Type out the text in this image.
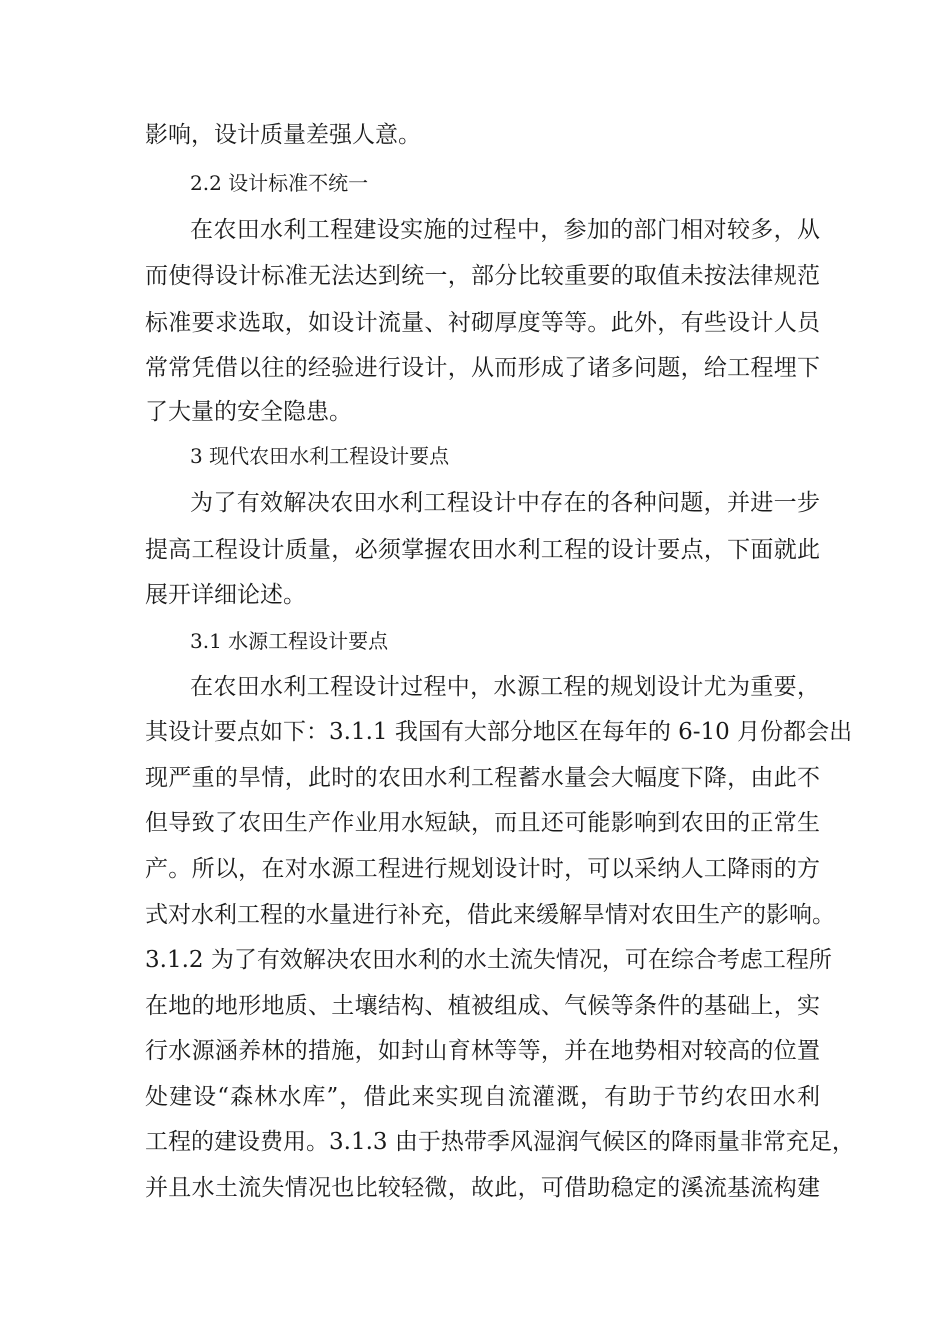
影响，设计质量差强人意。
2.2 设计标准不统一
在农田水利工程建设实施的过程中，参加的部门相对较多，从
而使得设计标准无法达到统一，部分比较重要的取值未按法律规范
标准要求选取，如设计流量、衬砌厚度等等。此外，有些设计人员
常常凭借以往的经验进行设计，从而形成了诸多问题，给工程埋下
了大量的安全隐患。
3 现代农田水利工程设计要点
为了有效解决农田水利工程设计中存在的各种问题，并进一步
提高工程设计质量，必须掌握农田水利工程的设计要点，下面就此
展开详细论述。
3.1 水源工程设计要点
在农田水利工程设计过程中，水源工程的规划设计尤为重要，
其设计要点如下：3.1.1 我国有大部分地区在每年的 6-10 月份都会出
现严重的旱情，此时的农田水利工程蓄水量会大幅度下降，由此不
但导致了农田生产作业用水短缺，而且还可能影响到农田的正常生
产。所以，在对水源工程进行规划设计时，可以采纳人工降雨的方
式对水利工程的水量进行补充，借此来缓解旱情对农田生产的影响。
3.1.2 为了有效解决农田水利的水土流失情况，可在综合考虑工程所
在地的地形地质、土壤结构、植被组成、气候等条件的基础上，实
行水源涵养林的措施，如封山育林等等，并在地势相对较高的位置
处建设“森林水库”，借此来实现自流灌溉，有助于节约农田水利
工程的建设费用。3.1.3 由于热带季风湿润气候区的降雨量非常充足，
并且水土流失情况也比较轻微，故此，可借助稳定的溪流基流构建
